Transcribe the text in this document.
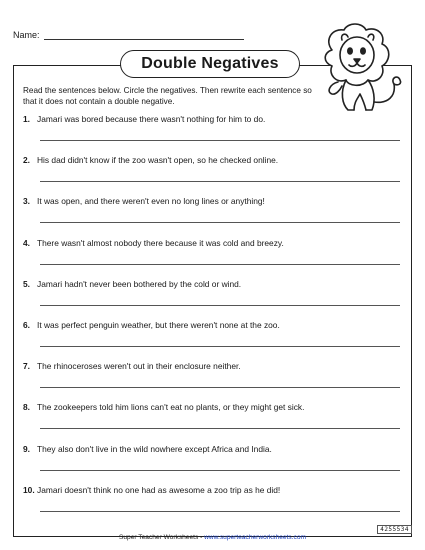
Name:
Double Negatives
Read the sentences below. Circle the negatives. Then rewrite each sentence so that it does not contain a double negative.
1. Jamari was bored because there wasn't nothing for him to do.
2. His dad didn't know if the zoo wasn't open, so he checked online.
3. It was open, and there weren't even no long lines or anything!
4. There wasn't almost nobody there because it was cold and breezy.
5. Jamari hadn't never been bothered by the cold or wind.
6. It was perfect penguin weather, but there weren't none at the zoo.
7. The rhinoceroses weren't out in their enclosure neither.
8. The zookeepers told him lions can't eat no plants, or they might get sick.
9. They also don't live in the wild nowhere except Africa and India.
10. Jamari doesn't think no one had as awesome a zoo trip as he did!
Super Teacher Worksheets - www.superteacherworksheets.com
4255534
